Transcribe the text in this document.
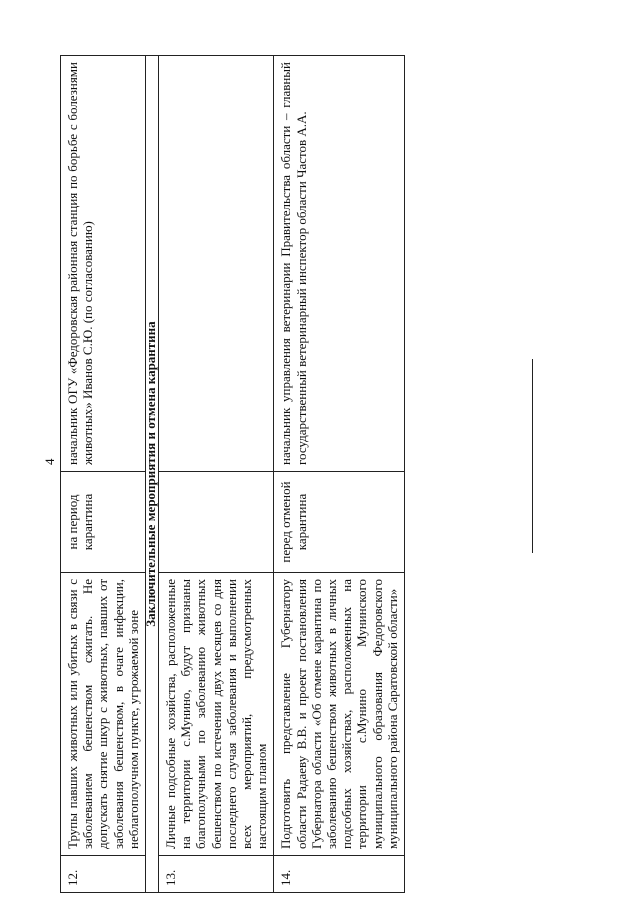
4
12.	Трупы павших животных или убитых в связи с заболеванием бешенством сжигать. Не допускать снятие шкур с животных, павших от заболевания бешенством, в очаге инфекции, неблагополучном пункте, угрожаемой зоне	на период карантина	начальник ОГУ «Федоровская районная станция по борьбе с болезнями животных» Иванов С.Ю. (по согласованию)

Заключительные мероприятия и отмена карантина			

13.	Личные подсобные хозяйства, расположенные на территории с.Мунино, будут признаны благополучными по заболеванию животных бешенством по истечении двух месяцев со дня последнего случая заболевания и выполнении всех мероприятий, предусмотренных настоящим планом		
14.	Подготовить представление Губернатору области Радаеву В.В. и проект постановления Губернатора области «Об отмене карантина по заболеванию бешенством животных в личных подсобных хозяйствах, расположенных на территории с.Мунино Мунинского муниципального образования Федоровского муниципального района Саратовской области»	перед отменой карантина	начальник управления ветеринарии Правительства области – главный государственный ветеринарный инспектор области Частов А.А.
